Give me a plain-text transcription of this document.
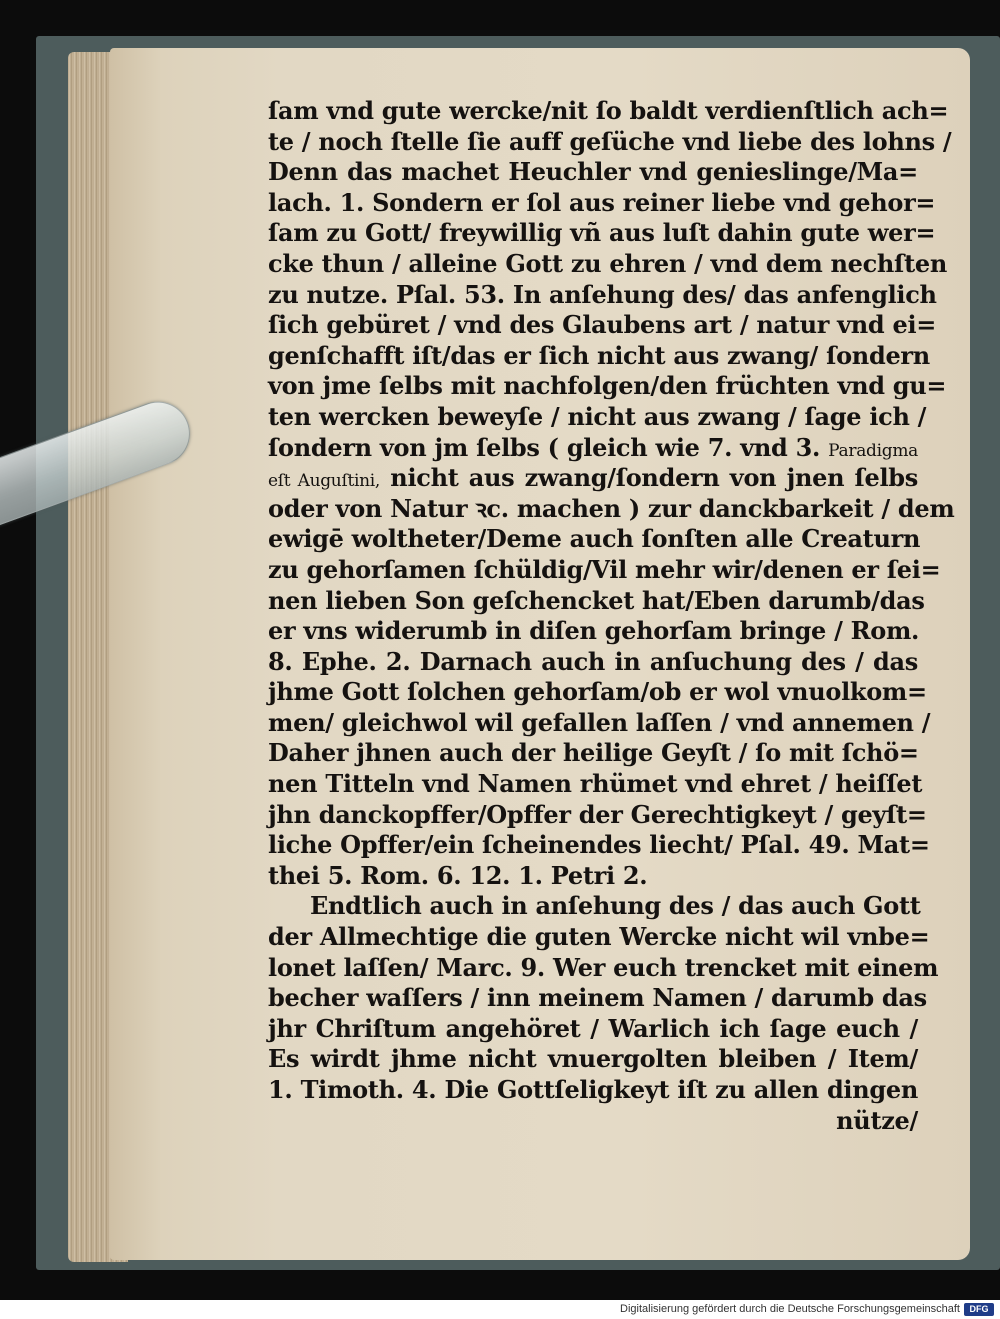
ſam vnd gute wercke/nit ſo baldt verdienſtlich ach=
te / noch ſtelle ſie auff geſüche vnd liebe des lohns /
Denn das machet Heuchler vnd genieslinge/Ma=
lach. 1. Sondern er ſol aus reiner liebe vnd gehor=
ſam zu Gott/ freywillig vñ aus luſt dahin gute wer=
cke thun / alleine Gott zu ehren / vnd dem nechſten
zu nutze. Pſal. 53. In anſehung des/ das anfenglich
ſich gebüret / vnd des Glaubens art / natur vnd ei=
genſchafft iſt/das er ſich nicht aus zwang/ ſondern
von jme ſelbs mit nachfolgen/den früchten vnd gu=
ten wercken beweyſe / nicht aus zwang / ſage ich /
ſondern von jm ſelbs ( gleich wie 7. vnd 3. Paradigma
eſt Auguſtini, nicht aus zwang/ſondern von jnen ſelbs
oder von Natur ꝛc. machen ) zur danckbarkeit / dem
ewigē woltheter/Deme auch ſonſten alle Creaturn
zu gehorſamen ſchüldig/Vil mehr wir/denen er ſei=
nen lieben Son geſchencket hat/Eben darumb/das
er vns widerumb in diſen gehorſam bringe / Rom.
8. Ephe. 2. Darnach auch in anſuchung des / das
jhme Gott ſolchen gehorſam/ob er wol vnuolkom=
men/ gleichwol wil gefallen laſſen / vnd annemen /
Daher jhnen auch der heilige Geyſt / ſo mit ſchö=
nen Titteln vnd Namen rhümet vnd ehret / heiſſet
jhn danckopffer/Opffer der Gerechtigkeyt / geyſt=
liche Opffer/ein ſcheinendes liecht/ Pſal. 49. Mat=
thei 5. Rom. 6. 12. 1. Petri 2.
Endtlich auch in anſehung des / das auch Gott
der Allmechtige die guten Wercke nicht wil vnbe=
lonet laſſen/ Marc. 9. Wer euch trencket mit einem
becher waſſers / inn meinem Namen / darumb das
jhr Chriſtum angehöret / Warlich ich ſage euch /
Es wirdt jhme nicht vnuergolten bleiben / Item/
1. Timoth. 4. Die Gottſeligkeyt iſt zu allen dingen
nütze/
Digitalisierung gefördert durch die Deutsche Forschungsgemeinschaft	DFG
